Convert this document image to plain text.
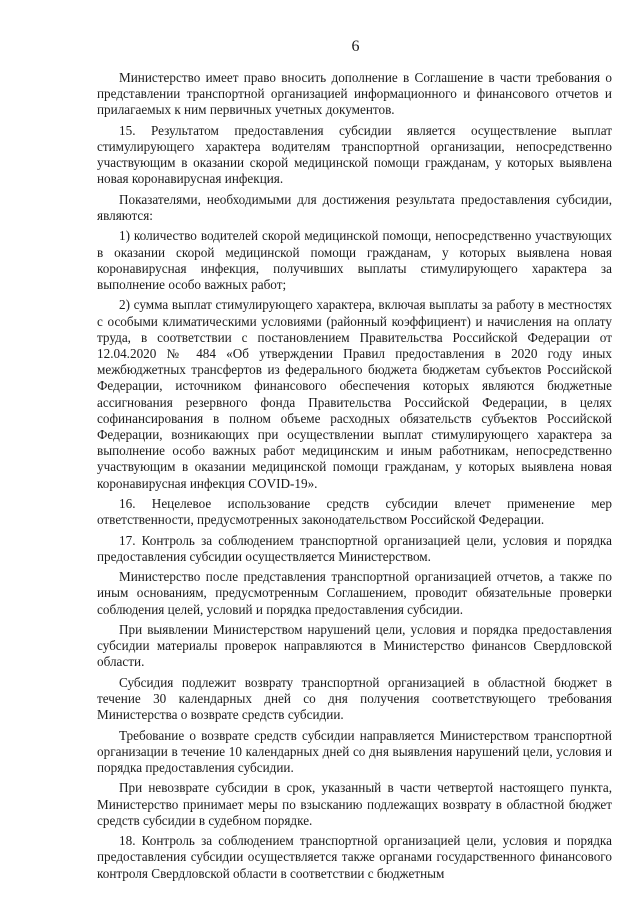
6

Министерство имеет право вносить дополнение в Соглашение в части требования о представлении транспортной организацией информационного и финансового отчетов и прилагаемых к ним первичных учетных документов.

15. Результатом предоставления субсидии является осуществление выплат стимулирующего характера водителям транспортной организации, непосредственно участвующим в оказании скорой медицинской помощи гражданам, у которых выявлена новая коронавирусная инфекция.

Показателями, необходимыми для достижения результата предоставления субсидии, являются:

1) количество водителей скорой медицинской помощи, непосредственно участвующих в оказании скорой медицинской помощи гражданам, у которых выявлена новая коронавирусная инфекция, получивших выплаты стимулирующего характера за выполнение особо важных работ;

2) сумма выплат стимулирующего характера, включая выплаты за работу в местностях с особыми климатическими условиями (районный коэффициент) и начисления на оплату труда, в соответствии с постановлением Правительства Российской Федерации от 12.04.2020 № 484 «Об утверждении Правил предоставления в 2020 году иных межбюджетных трансфертов из федерального бюджета бюджетам субъектов Российской Федерации, источником финансового обеспечения которых являются бюджетные ассигнования резервного фонда Правительства Российской Федерации, в целях софинансирования в полном объеме расходных обязательств субъектов Российской Федерации, возникающих при осуществлении выплат стимулирующего характера за выполнение особо важных работ медицинским и иным работникам, непосредственно участвующим в оказании медицинской помощи гражданам, у которых выявлена новая коронавирусная инфекция COVID-19».

16. Нецелевое использование средств субсидии влечет применение мер ответственности, предусмотренных законодательством Российской Федерации.

17. Контроль за соблюдением транспортной организацией цели, условия и порядка предоставления субсидии осуществляется Министерством.

Министерство после представления транспортной организацией отчетов, а также по иным основаниям, предусмотренным Соглашением, проводит обязательные проверки соблюдения целей, условий и порядка предоставления субсидии.

При выявлении Министерством нарушений цели, условия и порядка предоставления субсидии материалы проверок направляются в Министерство финансов Свердловской области.

Субсидия подлежит возврату транспортной организацией в областной бюджет в течение 30 календарных дней со дня получения соответствующего требования Министерства о возврате средств субсидии.

Требование о возврате средств субсидии направляется Министерством транспортной организации в течение 10 календарных дней со дня выявления нарушений цели, условия и порядка предоставления субсидии.

При невозврате субсидии в срок, указанный в части четвертой настоящего пункта, Министерство принимает меры по взысканию подлежащих возврату в областной бюджет средств субсидии в судебном порядке.

18. Контроль за соблюдением транспортной организацией цели, условия и порядка предоставления субсидии осуществляется также органами государственного финансового контроля Свердловской области в соответствии с бюджетным
